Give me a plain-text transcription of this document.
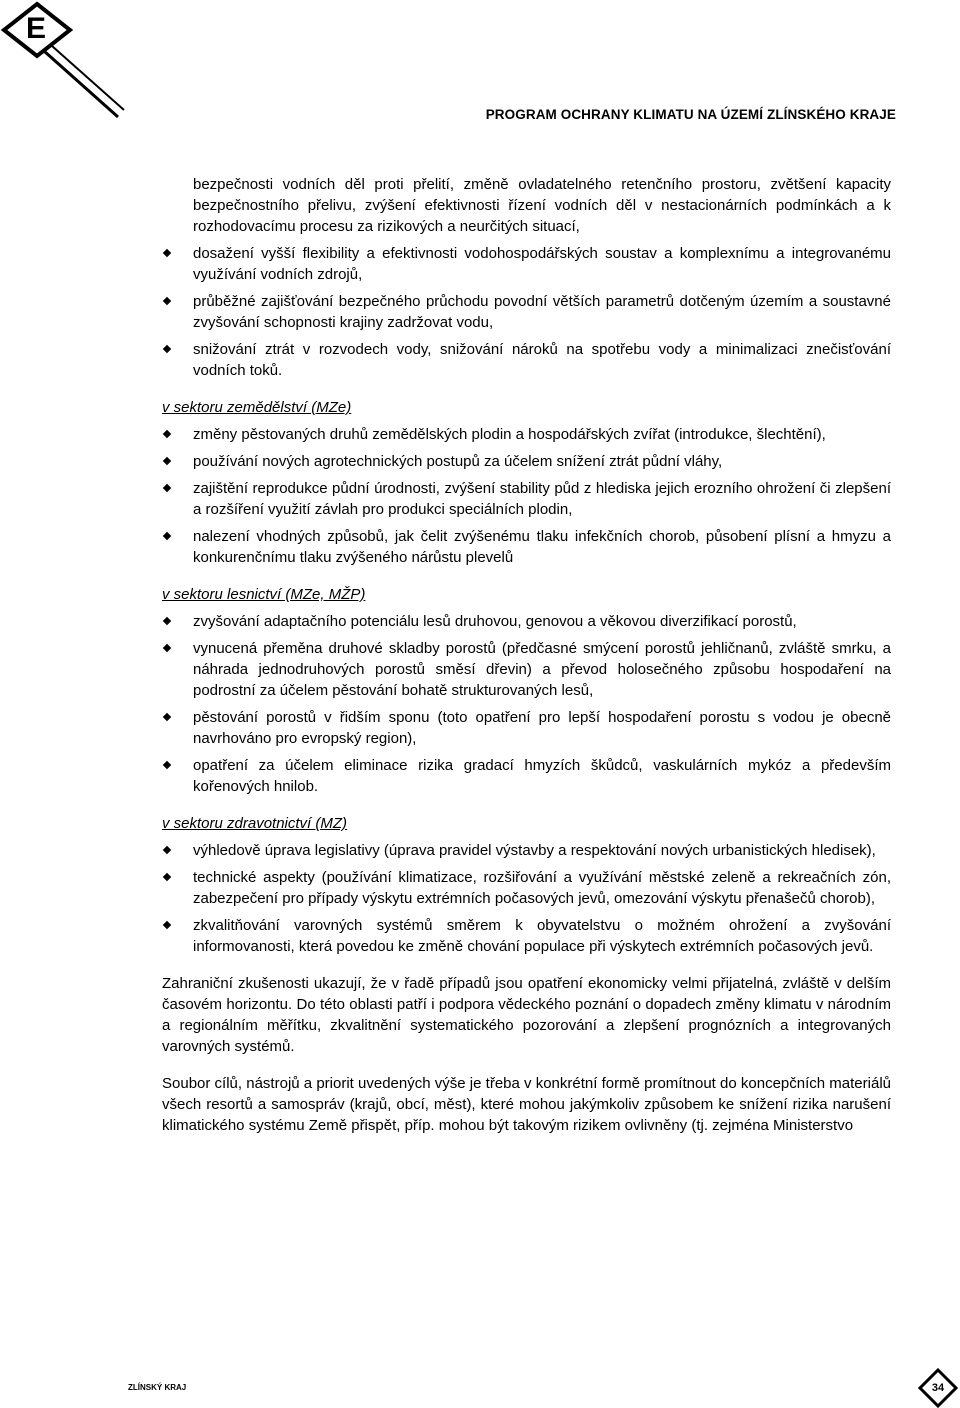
E
PROGRAM OCHRANY KLIMATU NA ÚZEMÍ ZLÍNSKÉHO KRAJE
bezpečnosti vodních děl proti přelití, změně ovladatelného retenčního prostoru, zvětšení kapacity bezpečnostního přelivu, zvýšení efektivnosti řízení vodních děl v nestacionárních podmínkách a k rozhodovacímu procesu za rizikových a neurčitých situací,
dosažení vyšší flexibility a efektivnosti vodohospodářských soustav a komplexnímu a integrovanému využívání vodních zdrojů,
průběžné zajišťování bezpečného průchodu povodní větších parametrů dotčeným územím a soustavné zvyšování schopnosti krajiny zadržovat vodu,
snižování ztrát v rozvodech vody, snižování nároků na spotřebu vody a minimalizaci znečisťování vodních toků.
v sektoru zemědělství (MZe)
změny pěstovaných druhů zemědělských plodin a hospodářských zvířat (introdukce, šlechtění),
používání nových agrotechnických postupů za účelem snížení ztrát půdní vláhy,
zajištění reprodukce půdní úrodnosti, zvýšení stability půd z hlediska jejich erozního ohrožení či zlepšení a rozšíření využití závlah pro produkci speciálních plodin,
nalezení vhodných způsobů, jak čelit zvýšenému tlaku infekčních chorob, působení plísní a hmyzu a konkurenčnímu tlaku zvýšeného nárůstu plevelů
v sektoru lesnictví (MZe, MŽP)
zvyšování adaptačního potenciálu lesů druhovou, genovou a věkovou diverzifikací porostů,
vynucená přeměna druhové skladby porostů (předčasné smýcení porostů jehličnanů, zvláště smrku, a náhrada jednodruhových porostů směsí dřevin) a převod holosečného způsobu hospodaření na podrostní za účelem pěstování bohatě strukturovaných lesů,
pěstování porostů v řidším sponu (toto opatření pro lepší hospodaření porostu s vodou je obecně navrhováno pro evropský region),
opatření za účelem eliminace rizika gradací hmyzích škůdců, vaskulárních mykóz a především kořenových hnilob.
v sektoru zdravotnictví (MZ)
výhledově úprava legislativy (úprava pravidel výstavby a respektování nových urbanistických hledisek),
technické aspekty (používání klimatizace, rozšiřování a využívání městské zeleně a rekreačních zón, zabezpečení pro případy výskytu extrémních počasových jevů, omezování výskytu přenašečů chorob),
zkvalitňování varovných systémů směrem k obyvatelstvu o možném ohrožení a zvyšování informovanosti, která povedou ke změně chování populace při výskytech extrémních počasových jevů.
Zahraniční zkušenosti ukazují, že v řadě případů jsou opatření ekonomicky velmi přijatelná, zvláště v delším časovém horizontu. Do této oblasti patří i podpora vědeckého poznání o dopadech změny klimatu v národním a regionálním měřítku, zkvalitnění systematického pozorování a zlepšení prognózních a integrovaných varovných systémů.
Soubor cílů, nástrojů a priorit uvedených výše je třeba v konkrétní formě promítnout do koncepčních materiálů všech resortů a samospráv (krajů, obcí, měst), které mohou jakýmkoliv způsobem ke snížení rizika narušení klimatického systému Země přispět, příp. mohou být takovým rizikem ovlivněny (tj. zejména Ministerstvo
ZLÍNSKÝ KRAJ	34
